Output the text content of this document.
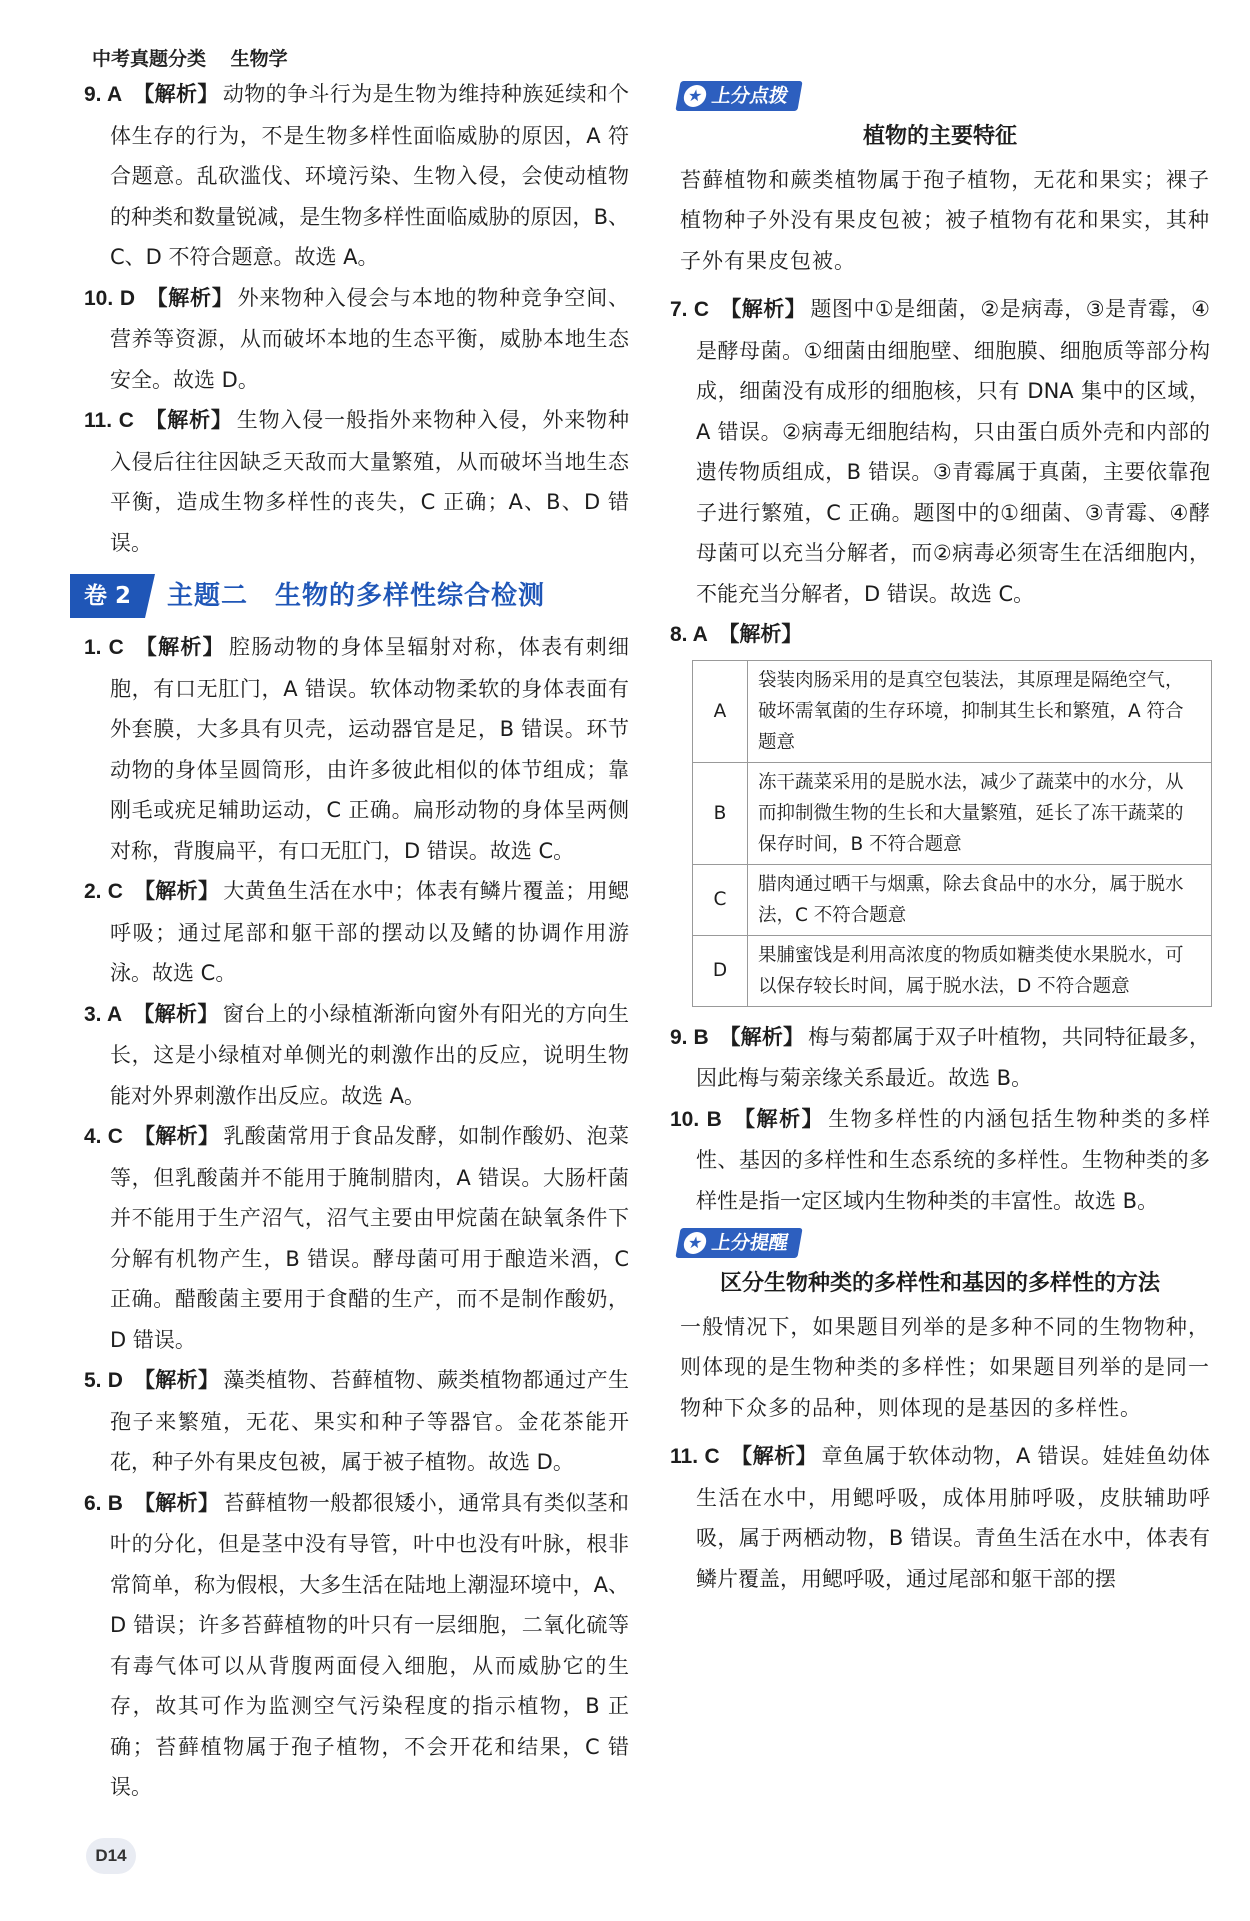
中考真题分类 生物学

9. A 【解析】 动物的争斗行为是生物为维持种族延续和个体生存的行为，不是生物多样性面临威胁的原因，A 符合题意。乱砍滥伐、环境污染、生物入侵，会使动植物的种类和数量锐减，是生物多样性面临威胁的原因，B、C、D 不符合题意。故选 A。

10. D 【解析】 外来物种入侵会与本地的物种竞争空间、营养等资源，从而破坏本地的生态平衡，威胁本地生态安全。故选 D。

11. C 【解析】 生物入侵一般指外来物种入侵，外来物种入侵后往往因缺乏天敌而大量繁殖，从而破坏当地生态平衡，造成生物多样性的丧失，C 正确；A、B、D 错误。

卷 2	主题二　生物的多样性综合检测

1. C 【解析】 腔肠动物的身体呈辐射对称，体表有刺细胞，有口无肛门，A 错误。软体动物柔软的身体表面有外套膜，大多具有贝壳，运动器官是足，B 错误。环节动物的身体呈圆筒形，由许多彼此相似的体节组成；靠刚毛或疣足辅助运动，C 正确。扁形动物的身体呈两侧对称，背腹扁平，有口无肛门，D 错误。故选 C。

2. C 【解析】 大黄鱼生活在水中；体表有鳞片覆盖；用鳃呼吸；通过尾部和躯干部的摆动以及鳍的协调作用游泳。故选 C。

3. A 【解析】 窗台上的小绿植渐渐向窗外有阳光的方向生长，这是小绿植对单侧光的刺激作出的反应，说明生物能对外界刺激作出反应。故选 A。

4. C 【解析】 乳酸菌常用于食品发酵，如制作酸奶、泡菜等，但乳酸菌并不能用于腌制腊肉，A 错误。大肠杆菌并不能用于生产沼气，沼气主要由甲烷菌在缺氧条件下分解有机物产生，B 错误。酵母菌可用于酿造米酒，C 正确。醋酸菌主要用于食醋的生产，而不是制作酸奶，D 错误。

5. D 【解析】 藻类植物、苔藓植物、蕨类植物都通过产生孢子来繁殖，无花、果实和种子等器官。金花茶能开花，种子外有果皮包被，属于被子植物。故选 D。

6. B 【解析】 苔藓植物一般都很矮小，通常具有类似茎和叶的分化，但是茎中没有导管，叶中也没有叶脉，根非常简单，称为假根，大多生活在陆地上潮湿环境中，A、D 错误；许多苔藓植物的叶只有一层细胞，二氧化硫等有毒气体可以从背腹两面侵入细胞，从而威胁它的生存，故其可作为监测空气污染程度的指示植物，B 正确；苔藓植物属于孢子植物，不会开花和结果，C 错误。

★ 上分点拨
植物的主要特征

苔藓植物和蕨类植物属于孢子植物，无花和果实；裸子植物种子外没有果皮包被；被子植物有花和果实，其种子外有果皮包被。

7. C 【解析】 题图中①是细菌，②是病毒，③是青霉，④是酵母菌。①细菌由细胞壁、细胞膜、细胞质等部分构成，细菌没有成形的细胞核，只有 DNA 集中的区域，A 错误。②病毒无细胞结构，只由蛋白质外壳和内部的遗传物质组成，B 错误。③青霉属于真菌，主要依靠孢子进行繁殖，C 正确。题图中的①细菌、③青霉、④酵母菌可以充当分解者，而②病毒必须寄生在活细胞内，不能充当分解者，D 错误。故选 C。

8. A 【解析】

A	袋装肉肠采用的是真空包装法，其原理是隔绝空气，破坏需氧菌的生存环境，抑制其生长和繁殖，A 符合题意
B	冻干蔬菜采用的是脱水法，减少了蔬菜中的水分，从而抑制微生物的生长和大量繁殖，延长了冻干蔬菜的保存时间，B 不符合题意
C	腊肉通过晒干与烟熏，除去食品中的水分，属于脱水法，C 不符合题意
D	果脯蜜饯是利用高浓度的物质如糖类使水果脱水，可以保存较长时间，属于脱水法，D 不符合题意

9. B 【解析】 梅与菊都属于双子叶植物，共同特征最多，因此梅与菊亲缘关系最近。故选 B。

10. B 【解析】 生物多样性的内涵包括生物种类的多样性、基因的多样性和生态系统的多样性。生物种类的多样性是指一定区域内生物种类的丰富性。故选 B。

★ 上分提醒
区分生物种类的多样性和基因的多样性的方法

一般情况下，如果题目列举的是多种不同的生物物种，则体现的是生物种类的多样性；如果题目列举的是同一物种下众多的品种，则体现的是基因的多样性。

11. C 【解析】 章鱼属于软体动物，A 错误。娃娃鱼幼体生活在水中，用鳃呼吸，成体用肺呼吸，皮肤辅助呼吸，属于两栖动物，B 错误。青鱼生活在水中，体表有鳞片覆盖，用鳃呼吸，通过尾部和躯干部的摆

D14
